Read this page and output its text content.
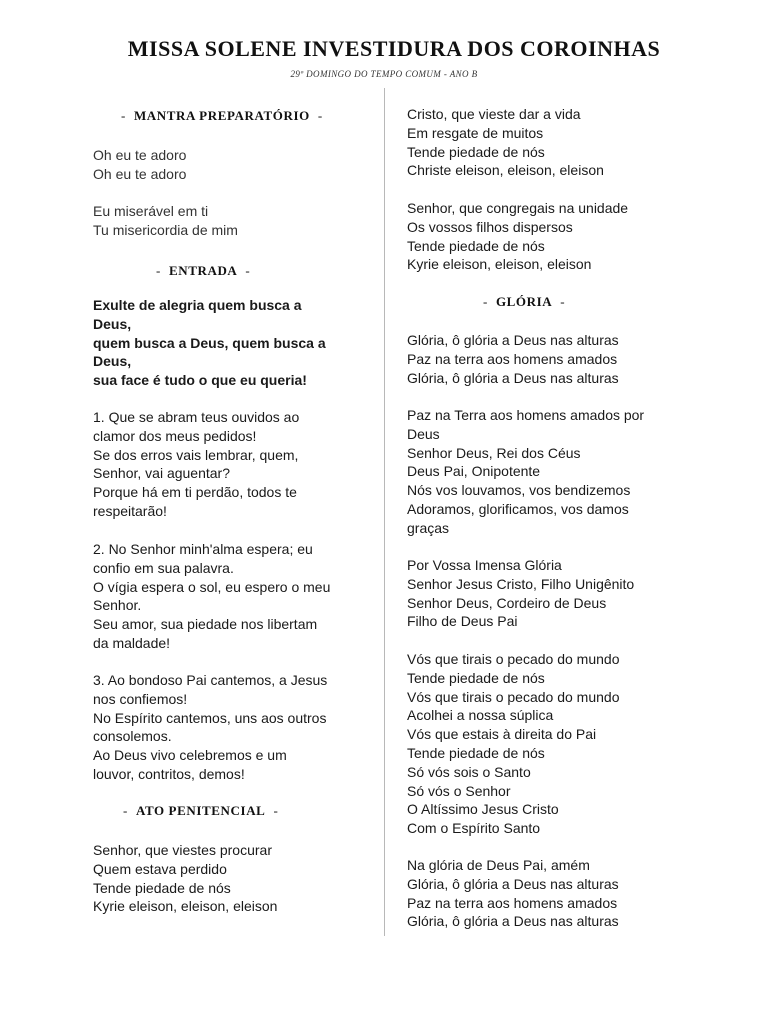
MISSA SOLENE INVESTIDURA DOS COROINHAS
29º DOMINGO DO TEMPO COMUM - ANO B
- MANTRA PREPARATÓRIO -
Oh eu te adoro
Oh eu te adoro
Eu miserável em ti
Tu misericordia de mim
- ENTRADA -
Exulte de alegria quem busca a
Deus,
quem busca a Deus, quem busca a
Deus,
sua face é tudo o que eu queria!
1. Que se abram teus ouvidos ao
clamor dos meus pedidos!
Se dos erros vais lembrar, quem,
Senhor, vai aguentar?
Porque há em ti perdão, todos te
respeitarão!
2. No Senhor minh'alma espera; eu
confio em sua palavra.
O vígia espera o sol, eu espero o meu
Senhor.
Seu amor, sua piedade nos libertam
da maldade!
3. Ao bondoso Pai cantemos, a Jesus
nos confiemos!
No Espírito cantemos, uns aos outros
consolemos.
Ao Deus vivo celebremos e um
louvor, contritos, demos!
- ATO PENITENCIAL -
Senhor, que viestes procurar
Quem estava perdido
Tende piedade de nós
Kyrie eleison, eleison, eleison
Cristo, que vieste dar a vida
Em resgate de muitos
Tende piedade de nós
Christe eleison, eleison, eleison
Senhor, que congregais na unidade
Os vossos filhos dispersos
Tende piedade de nós
Kyrie eleison, eleison, eleison
- GLÓRIA -
Glória, ô glória a Deus nas alturas
Paz na terra aos homens amados
Glória, ô glória a Deus nas alturas
Paz na Terra aos homens amados por
Deus
Senhor Deus, Rei dos Céus
Deus Pai, Onipotente
Nós vos louvamos, vos bendizemos
Adoramos, glorificamos, vos damos
graças
Por Vossa Imensa Glória
Senhor Jesus Cristo, Filho Unigênito
Senhor Deus, Cordeiro de Deus
Filho de Deus Pai
Vós que tirais o pecado do mundo
Tende piedade de nós
Vós que tirais o pecado do mundo
Acolhei a nossa súplica
Vós que estais à direita do Pai
Tende piedade de nós
Só vós sois o Santo
Só vós o Senhor
O Altíssimo Jesus Cristo
Com o Espírito Santo
Na glória de Deus Pai, amém
Glória, ô glória a Deus nas alturas
Paz na terra aos homens amados
Glória, ô glória a Deus nas alturas
